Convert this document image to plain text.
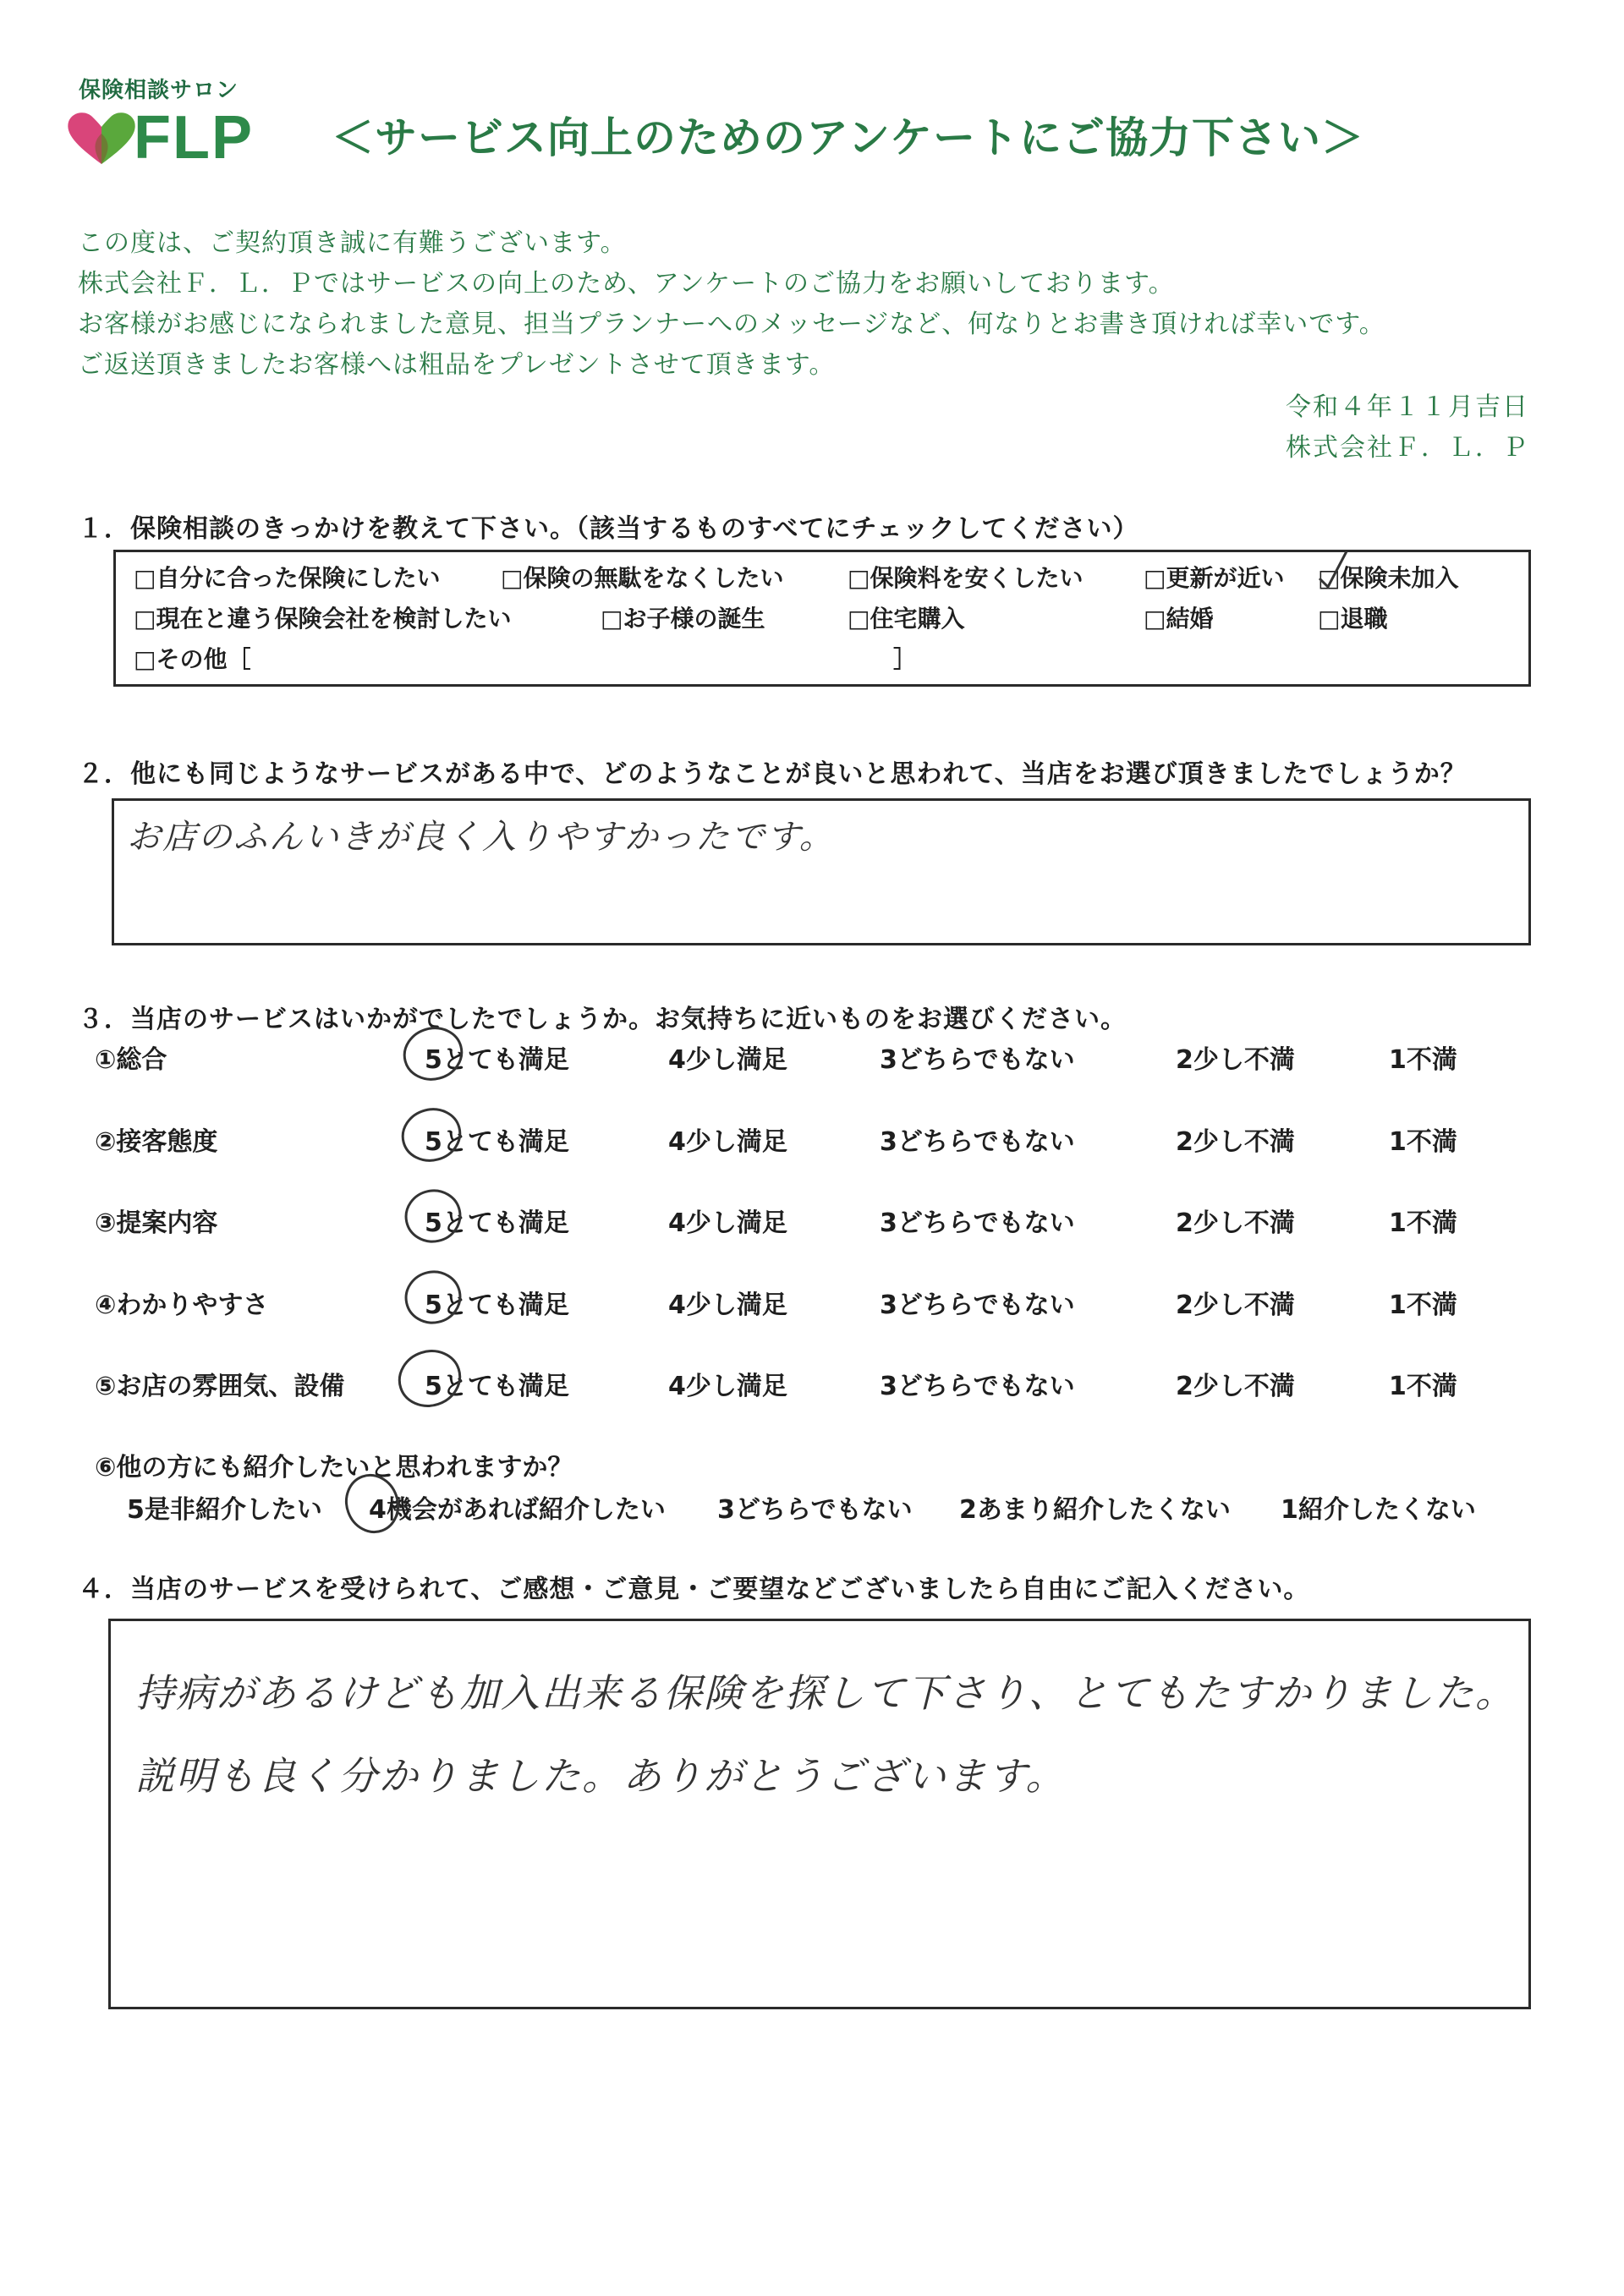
保険相談サロン
FLP ＜サービス向上のためのアンケートにご協力下さい＞
この度は、ご契約頂き誠に有難うございます。
株式会社Ｆ．Ｌ．Ｐではサービスの向上のため、アンケートのご協力をお願いしております。
お客様がお感じになられました意見、担当プランナーへのメッセージなど、何なりとお書き頂ければ幸いです。
ご返送頂きましたお客様へは粗品をプレゼントさせて頂きます。
令和４年１１月吉日
株式会社Ｆ．Ｌ．Ｐ
１．保険相談のきっかけを教えて下さい。（該当するものすべてにチェックしてください）
□自分に合った保険にしたい	□保険の無駄をなくしたい	□保険料を安くしたい	□更新が近い □保険未加入
□現在と違う保険会社を検討したい	□お子様の誕生	□住宅購入	□結婚	□退職
□その他［	］
２．他にも同じようなサービスがある中で、どのようなことが良いと思われて、当店をお選び頂きましたでしょうか？
お店のふんいきが良く入りやすかったです。
３．当店のサービスはいかがでしたでしょうか。お気持ちに近いものをお選びください。
①総合	5とても満足	4少し満足	3どちらでもない	2少し不満	1不満
②接客態度	5とても満足	4少し満足	3どちらでもない	2少し不満	1不満
③提案内容	5とても満足	4少し満足	3どちらでもない	2少し不満	1不満
④わかりやすさ	5とても満足	4少し満足	3どちらでもない	2少し不満	1不満
⑤お店の雰囲気、設備	5とても満足	4少し満足	3どちらでもない	2少し不満	1不満
⑥他の方にも紹介したいと思われますか？
5是非紹介したい 4機会があれば紹介したい 3どちらでもない 2あまり紹介したくない 1紹介したくない
４．当店のサービスを受けられて、ご感想・ご意見・ご要望などございましたら自由にご記入ください。
持病があるけども加入出来る保険を探して下さり、とてもたすかりました。
説明も良く分かりました。ありがとうございます。
